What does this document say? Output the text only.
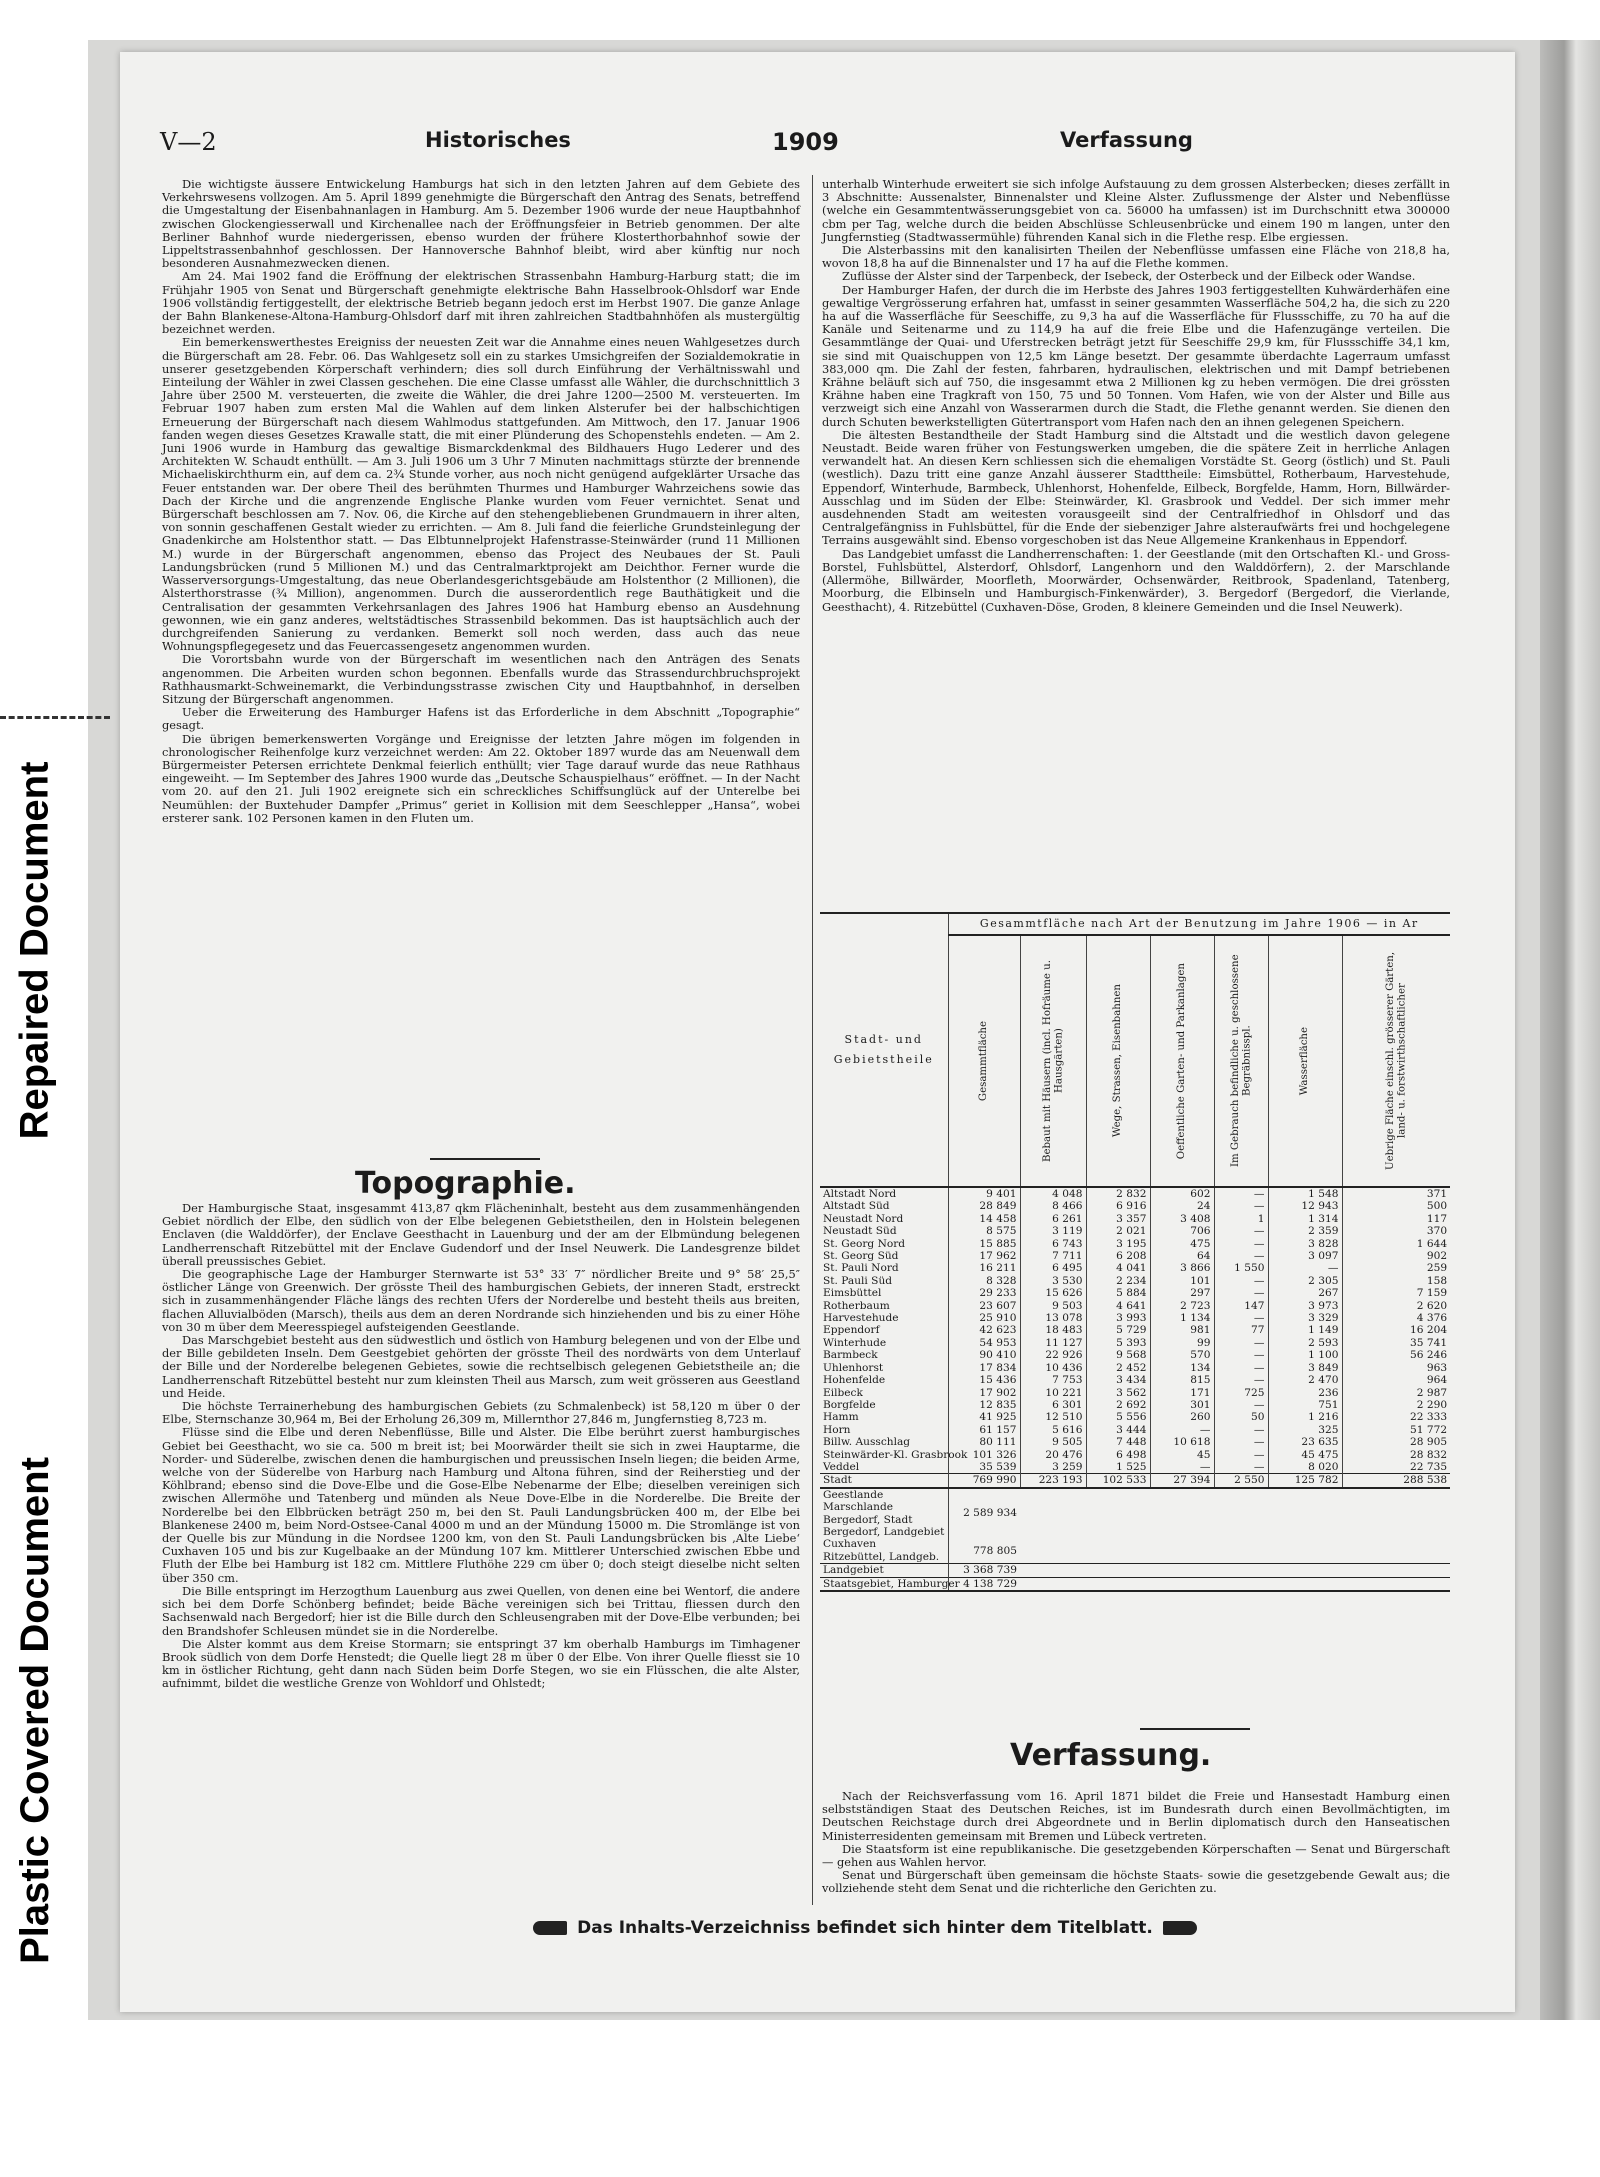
Repaired Document
Plastic Covered Document
V—2	Historisches	1909	Verfassung

Die wichtigste äussere Entwickelung Hamburgs hat sich in den letzten Jahren auf dem Gebiete des Verkehrswesens vollzogen. Am 5. April 1899 genehmigte die Bürgerschaft den Antrag des Senats, betreffend die Umgestaltung der Eisenbahnanlagen in Hamburg. Am 5. Dezember 1906 wurde der neue Hauptbahnhof zwischen Glockengiesserwall und Kirchenallee nach der Eröffnungsfeier in Betrieb genommen. Der alte Berliner Bahnhof wurde niedergerissen, ebenso wurden der frühere Klosterthorbahnhof sowie der Lippeltstrassenbahnhof geschlossen. Der Hannoversche Bahnhof bleibt, wird aber künftig nur noch besonderen Ausnahmezwecken dienen.

Am 24. Mai 1902 fand die Eröffnung der elektrischen Strassenbahn Hamburg-Harburg statt; die im Frühjahr 1905 von Senat und Bürgerschaft genehmigte elektrische Bahn Hasselbrook-Ohlsdorf war Ende 1906 vollständig fertiggestellt, der elektrische Betrieb begann jedoch erst im Herbst 1907. Die ganze Anlage der Bahn Blankenese-Altona-Hamburg-Ohlsdorf darf mit ihren zahlreichen Stadtbahnhöfen als mustergültig bezeichnet werden.

Ein bemerkenswerthestes Ereigniss der neuesten Zeit war die Annahme eines neuen Wahlgesetzes durch die Bürgerschaft am 28. Febr. 06. Das Wahlgesetz soll ein zu starkes Umsichgreifen der Sozialdemokratie in unserer gesetzgebenden Körperschaft verhindern; dies soll durch Einführung der Verhältnisswahl und Einteilung der Wähler in zwei Classen geschehen. Die eine Classe umfasst alle Wähler, die durchschnittlich 3 Jahre über 2500 M. versteuerten, die zweite die Wähler, die drei Jahre 1200—2500 M. versteuerten. Im Februar 1907 haben zum ersten Mal die Wahlen auf dem linken Alsterufer bei der halbschichtigen Erneuerung der Bürgerschaft nach diesem Wahlmodus stattgefunden. Am Mittwoch, den 17. Januar 1906 fanden wegen dieses Gesetzes Krawalle statt, die mit einer Plünderung des Schopenstehls endeten. — Am 2. Juni 1906 wurde in Hamburg das gewaltige Bismarckdenkmal des Bildhauers Hugo Lederer und des Architekten W. Schaudt enthüllt. — Am 3. Juli 1906 um 3 Uhr 7 Minuten nachmittags stürzte der brennende Michaeliskirchthurm ein, auf dem ca. 2¾ Stunde vorher, aus noch nicht genügend aufgeklärter Ursache das Feuer entstanden war. Der obere Theil des berühmten Thurmes und Hamburger Wahrzeichens sowie das Dach der Kirche und die angrenzende Englische Planke wurden vom Feuer vernichtet. Senat und Bürgerschaft beschlossen am 7. Nov. 06, die Kirche auf den stehengebliebenen Grundmauern in ihrer alten, von sonnin geschaffenen Gestalt wieder zu errichten. — Am 8. Juli fand die feierliche Grundsteinlegung der Gnadenkirche am Holstenthor statt. — Das Elbtunnelprojekt Hafenstrasse-Steinwärder (rund 11 Millionen M.) wurde in der Bürgerschaft angenommen, ebenso das Project des Neubaues der St. Pauli Landungsbrücken (rund 5 Millionen M.) und das Centralmarktprojekt am Deichthor. Ferner wurde die Wasserversorgungs-Umgestaltung, das neue Oberlandesgerichtsgebäude am Holstenthor (2 Millionen), die Alsterthorstrasse (¾ Million), angenommen. Durch die ausserordentlich rege Bauthätigkeit und die Centralisation der gesammten Verkehrsanlagen des Jahres 1906 hat Hamburg ebenso an Ausdehnung gewonnen, wie ein ganz anderes, weltstädtisches Strassenbild bekommen. Das ist hauptsächlich auch der durchgreifenden Sanierung zu verdanken. Bemerkt soll noch werden, dass auch das neue Wohnungspflegegesetz und das Feuercassengesetz angenommen wurden.

Die Vorortsbahn wurde von der Bürgerschaft im wesentlichen nach den Anträgen des Senats angenommen. Die Arbeiten wurden schon begonnen. Ebenfalls wurde das Strassendurchbruchsprojekt Rathhausmarkt-Schweinemarkt, die Verbindungsstrasse zwischen City und Hauptbahnhof, in derselben Sitzung der Bürgerschaft angenommen.

Ueber die Erweiterung des Hamburger Hafens ist das Erforderliche in dem Abschnitt „Topographie“ gesagt.

Die übrigen bemerkenswerten Vorgänge und Ereignisse der letzten Jahre mögen im folgenden in chronologischer Reihenfolge kurz verzeichnet werden: Am 22. Oktober 1897 wurde das am Neuenwall dem Bürgermeister Petersen errichtete Denkmal feierlich enthüllt; vier Tage darauf wurde das neue Rathhaus eingeweiht. — Im September des Jahres 1900 wurde das „Deutsche Schauspielhaus“ eröffnet. — In der Nacht vom 20. auf den 21. Juli 1902 ereignete sich ein schreckliches Schiffsunglück auf der Unterelbe bei Neumühlen: der Buxtehuder Dampfer „Primus“ geriet in Kollision mit dem Seeschlepper „Hansa“, wobei ersterer sank. 102 Personen kamen in den Fluten um.

Topographie.

Der Hamburgische Staat, insgesammt 413,87 qkm Flächeninhalt, besteht aus dem zusammenhängenden Gebiet nördlich der Elbe, den südlich von der Elbe belegenen Gebietstheilen, den in Holstein belegenen Enclaven (die Walddörfer), der Enclave Geesthacht in Lauenburg und der am der Elbmündung belegenen Landherrenschaft Ritzebüttel mit der Enclave Gudendorf und der Insel Neuwerk. Die Landesgrenze bildet überall preussisches Gebiet.

Die geographische Lage der Hamburger Sternwarte ist 53° 33′ 7″ nördlicher Breite und 9° 58′ 25,5″ östlicher Länge von Greenwich. Der grösste Theil des hamburgischen Gebiets, der inneren Stadt, erstreckt sich in zusammenhängender Fläche längs des rechten Ufers der Norderelbe und besteht theils aus breiten, flachen Alluvialböden (Marsch), theils aus dem an deren Nordrande sich hinziehenden und bis zu einer Höhe von 30 m über dem Meeresspiegel aufsteigenden Geestlande.

Das Marschgebiet besteht aus den südwestlich und östlich von Hamburg belegenen und von der Elbe und der Bille gebildeten Inseln. Dem Geestgebiet gehörten der grösste Theil des nordwärts von dem Unterlauf der Bille und der Norderelbe belegenen Gebietes, sowie die rechtselbisch gelegenen Gebietstheile an; die Landherrenschaft Ritzebüttel besteht nur zum kleinsten Theil aus Marsch, zum weit grösseren aus Geestland und Heide.

Die höchste Terrainerhebung des hamburgischen Gebiets (zu Schmalenbeck) ist 58,120 m über 0 der Elbe, Sternschanze 30,964 m, Bei der Erholung 26,309 m, Millernthor 27,846 m, Jungfernstieg 8,723 m.

Flüsse sind die Elbe und deren Nebenflüsse, Bille und Alster. Die Elbe berührt zuerst hamburgisches Gebiet bei Geesthacht, wo sie ca. 500 m breit ist; bei Moorwärder theilt sie sich in zwei Hauptarme, die Norder- und Süderelbe, zwischen denen die hamburgischen und preussischen Inseln liegen; die beiden Arme, welche von der Süderelbe von Harburg nach Hamburg und Altona führen, sind der Reiherstieg und der Köhlbrand; ebenso sind die Dove-Elbe und die Gose-Elbe Nebenarme der Elbe; dieselben vereinigen sich zwischen Allermöhe und Tatenberg und münden als Neue Dove-Elbe in die Norderelbe. Die Breite der Norderelbe bei den Elbbrücken beträgt 250 m, bei den St. Pauli Landungsbrücken 400 m, der Elbe bei Blankenese 2400 m, beim Nord-Ostsee-Canal 4000 m und an der Mündung 15000 m. Die Stromlänge ist von der Quelle bis zur Mündung in die Nordsee 1200 km, von den St. Pauli Landungsbrücken bis ‚Alte Liebe‘ Cuxhaven 105 und bis zur Kugelbaake an der Mündung 107 km. Mittlerer Unterschied zwischen Ebbe und Fluth der Elbe bei Hamburg ist 182 cm. Mittlere Fluthöhe 229 cm über 0; doch steigt dieselbe nicht selten über 350 cm.

Die Bille entspringt im Herzogthum Lauenburg aus zwei Quellen, von denen eine bei Wentorf, die andere sich bei dem Dorfe Schönberg befindet; beide Bäche vereinigen sich bei Trittau, fliessen durch den Sachsenwald nach Bergedorf; hier ist die Bille durch den Schleusengraben mit der Dove-Elbe verbunden; bei den Brandshofer Schleusen mündet sie in die Norderelbe.

Die Alster kommt aus dem Kreise Stormarn; sie entspringt 37 km oberhalb Hamburgs im Timhagener Brook südlich von dem Dorfe Henstedt; die Quelle liegt 28 m über 0 der Elbe. Von ihrer Quelle fliesst sie 10 km in östlicher Richtung, geht dann nach Süden beim Dorfe Stegen, wo sie ein Flüsschen, die alte Alster, aufnimmt, bildet die westliche Grenze von Wohldorf und Ohlstedt;

unterhalb Winterhude erweitert sie sich infolge Aufstauung zu dem grossen Alsterbecken; dieses zerfällt in 3 Abschnitte: Aussenalster, Binnenalster und Kleine Alster. Zuflussmenge der Alster und Nebenflüsse (welche ein Gesammtentwässerungsgebiet von ca. 56000 ha umfassen) ist im Durchschnitt etwa 300000 cbm per Tag, welche durch die beiden Abschlüsse Schleusenbrücke und einem 190 m langen, unter den Jungfernstieg (Stadtwassermühle) führenden Kanal sich in die Flethe resp. Elbe ergiessen.

Die Alsterbassins mit den kanalisirten Theilen der Nebenflüsse umfassen eine Fläche von 218,8 ha, wovon 18,8 ha auf die Binnenalster und 17 ha auf die Flethe kommen.

Zuflüsse der Alster sind der Tarpenbeck, der Isebeck, der Osterbeck und der Eilbeck oder Wandse.

Der Hamburger Hafen, der durch die im Herbste des Jahres 1903 fertiggestellten Kuhwärderhäfen eine gewaltige Vergrösserung erfahren hat, umfasst in seiner gesammten Wasserfläche 504,2 ha, die sich zu 220 ha auf die Wasserfläche für Seeschiffe, zu 9,3 ha auf die Wasserfläche für Flussschiffe, zu 70 ha auf die Kanäle und Seitenarme und zu 114,9 ha auf die freie Elbe und die Hafenzugänge verteilen. Die Gesammtlänge der Quai- und Uferstrecken beträgt jetzt für Seeschiffe 29,9 km, für Flussschiffe 34,1 km, sie sind mit Quaischuppen von 12,5 km Länge besetzt. Der gesammte überdachte Lagerraum umfasst 383,000 qm. Die Zahl der festen, fahrbaren, hydraulischen, elektrischen und mit Dampf betriebenen Krähne beläuft sich auf 750, die insgesammt etwa 2 Millionen kg zu heben vermögen. Die drei grössten Krähne haben eine Tragkraft von 150, 75 und 50 Tonnen. Vom Hafen, wie von der Alster und Bille aus verzweigt sich eine Anzahl von Wasserarmen durch die Stadt, die Flethe genannt werden. Sie dienen den durch Schuten bewerkstelligten Gütertransport vom Hafen nach den an ihnen gelegenen Speichern.

Die ältesten Bestandtheile der Stadt Hamburg sind die Altstadt und die westlich davon gelegene Neustadt. Beide waren früher von Festungswerken umgeben, die die spätere Zeit in herrliche Anlagen verwandelt hat. An diesen Kern schliessen sich die ehemaligen Vorstädte St. Georg (östlich) und St. Pauli (westlich). Dazu tritt eine ganze Anzahl äusserer Stadttheile: Eimsbüttel, Rotherbaum, Harvestehude, Eppendorf, Winterhude, Barmbeck, Uhlenhorst, Hohenfelde, Eilbeck, Borgfelde, Hamm, Horn, Billwärder-Ausschlag und im Süden der Elbe: Steinwärder, Kl. Grasbrook und Veddel. Der sich immer mehr ausdehnenden Stadt am weitesten vorausgeeilt sind der Centralfriedhof in Ohlsdorf und das Centralgefängniss in Fuhlsbüttel, für die Ende der siebenziger Jahre alsteraufwärts frei und hochgelegene Terrains ausgewählt sind. Ebenso vorgeschoben ist das Neue Allgemeine Krankenhaus in Eppendorf.

Das Landgebiet umfasst die Landherrenschaften: 1. der Geestlande (mit den Ortschaften Kl.- und Gross-Borstel, Fuhlsbüttel, Alsterdorf, Ohlsdorf, Langenhorn und den Walddörfern), 2. der Marschlande (Allermöhe, Billwärder, Moorfleth, Moorwärder, Ochsenwärder, Reitbrook, Spadenland, Tatenberg, Moorburg, die Elbinseln und Hamburgisch-Finkenwärder), 3. Bergedorf (Bergedorf, die Vierlande, Geesthacht), 4. Ritzebüttel (Cuxhaven-Döse, Groden, 8 kleinere Gemeinden und die Insel Neuwerk).

Stadt- und Gebietstheile	Gesammtfläche nach Art der Benutzung im Jahre 1906 — in Ar						

	Gesammtfläche	Bebaut mit Häusern (incl. Hofräume u. Hausgärten)	Wege, Strassen, Eisenbahnen	Oeffentliche Garten- und Parkanlagen	Im Gebrauch befindliche u. geschlossene Begräbnisspl.	Wasserfläche	Uebrige Fläche einschl. grösserer Gärten, land- u. forstwirthschaftlicher

Altstadt Nord	9 401	4 048	2 832	602	—	1 548	371
Altstadt Süd	28 849	8 466	6 916	24	—	12 943	500
Neustadt Nord	14 458	6 261	3 357	3 408	1	1 314	117
Neustadt Süd	8 575	3 119	2 021	706	—	2 359	370
St. Georg Nord	15 885	6 743	3 195	475	—	3 828	1 644
St. Georg Süd	17 962	7 711	6 208	64	—	3 097	902
St. Pauli Nord	16 211	6 495	4 041	3 866	1 550	—	259
St. Pauli Süd	8 328	3 530	2 234	101	—	2 305	158
Eimsbüttel	29 233	15 626	5 884	297	—	267	7 159
Rotherbaum	23 607	9 503	4 641	2 723	147	3 973	2 620
Harvestehude	25 910	13 078	3 993	1 134	—	3 329	4 376
Eppendorf	42 623	18 483	5 729	981	77	1 149	16 204
Winterhude	54 953	11 127	5 393	99	—	2 593	35 741
Barmbeck	90 410	22 926	9 568	570	—	1 100	56 246
Uhlenhorst	17 834	10 436	2 452	134	—	3 849	963
Hohenfelde	15 436	7 753	3 434	815	—	2 470	964
Eilbeck	17 902	10 221	3 562	171	725	236	2 987
Borgfelde	12 835	6 301	2 692	301	—	751	2 290
Hamm	41 925	12 510	5 556	260	50	1 216	22 333
Horn	61 157	5 616	3 444	—	—	325	51 772
Billw. Ausschlag	80 111	9 505	7 448	10 618	—	23 635	28 905
Steinwärder-Kl. Grasbrook	101 326	20 476	6 498	45	—	45 475	28 832
Veddel	35 539	3 259	1 525	—	—	8 020	22 735
Stadt	769 990	223 193	102 533	27 394	2 550	125 782	288 538

Geestlande
Marschlande
Bergedorf, Stadt
Bergedorf, Landgebiet	2 589 934						

Cuxhaven
Ritzebüttel, Landgeb.	778 805						
Landgebiet	3 368 739						
Staatsgebiet, Hamburger	4 138 729						
Verfassung.

Nach der Reichsverfassung vom 16. April 1871 bildet die Freie und Hansestadt Hamburg einen selbstständigen Staat des Deutschen Reiches, ist im Bundesrath durch einen Bevollmächtigten, im Deutschen Reichstage durch drei Abgeordnete und in Berlin diplomatisch durch den Hanseatischen Ministerresidenten gemeinsam mit Bremen und Lübeck vertreten.

Die Staatsform ist eine republikanische. Die gesetzgebenden Körperschaften — Senat und Bürgerschaft — gehen aus Wahlen hervor.

Senat und Bürgerschaft üben gemeinsam die höchste Staats- sowie die gesetzgebende Gewalt aus; die vollziehende steht dem Senat und die richterliche den Gerichten zu.

Das Inhalts-Verzeichniss befindet sich hinter dem Titelblatt.
